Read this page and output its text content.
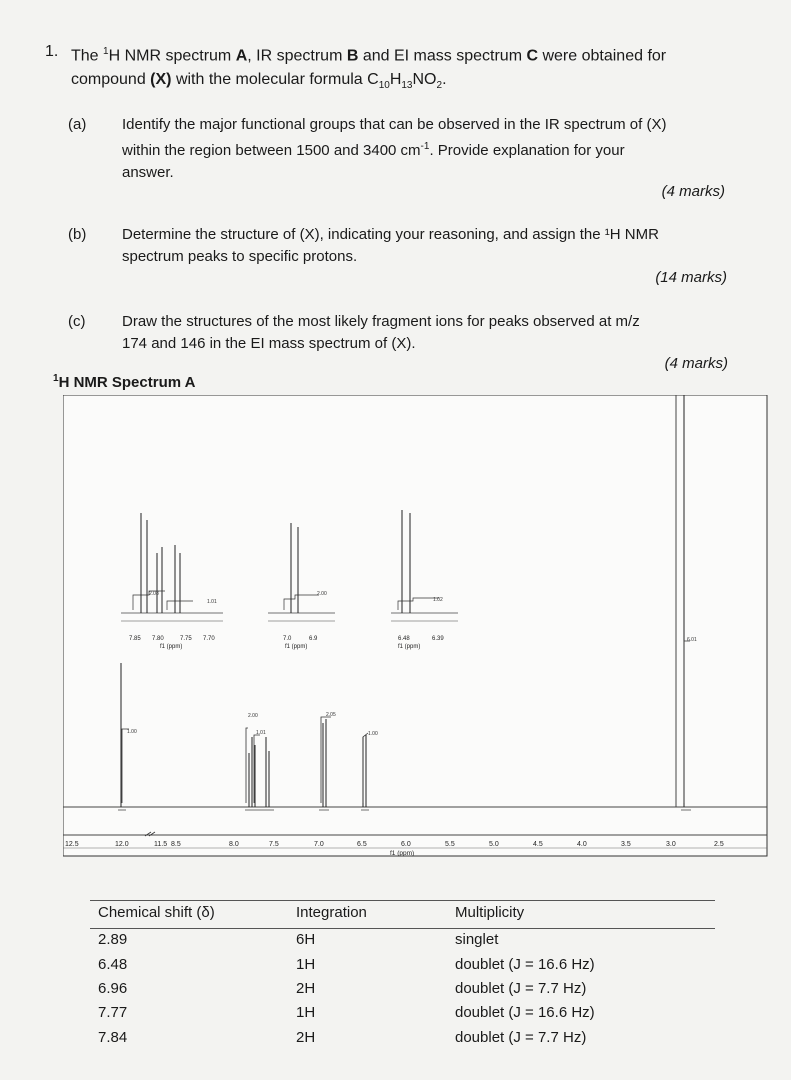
1. The $^1$H NMR spectrum A, IR spectrum B and EI mass spectrum C were obtained for
compound (X) with the molecular formula $C_{10}H_{13}NO_2$.
(a) Identify the major functional groups that can be observed in the IR spectrum of (X)
within the region between 1500 and 3400 $cm^{-1}$. Provide explanation for your
answer.
(4 marks)
(b) Determine the structure of (X), indicating your reasoning, and assign the ¹H NMR
spectrum peaks to specific protons.
(14 marks)
(c) Draw the structures of the most likely fragment ions for peaks observed at m/z
174 and 146 in the EI mass spectrum of (X).
(4 marks)
$^1$H NMR Spectrum A
12.5	12.0	11.5 8.5	8.0	7.5	7.0	6.5	6.0	5.5	5.0	4.5	4.0	3.5	3.0	2.5
f1 (ppm)
1.00
2.00
1.01
2.05
1.00
6.01
2.08
1.01
7.85 7.80	7.75 7.70
f1 (ppm)
2.00
7.0	6.9
f1 (ppm)
1.02
6.48	6.39
f1 (ppm)
Chemical shift (δ)	Integration	Multiplicity
2.89	6H	singlet
6.48	1H	doublet (J = 16.6 Hz)
6.96	2H	doublet (J = 7.7 Hz)
7.77	1H	doublet (J = 16.6 Hz)
7.84	2H	doublet (J = 7.7 Hz)
